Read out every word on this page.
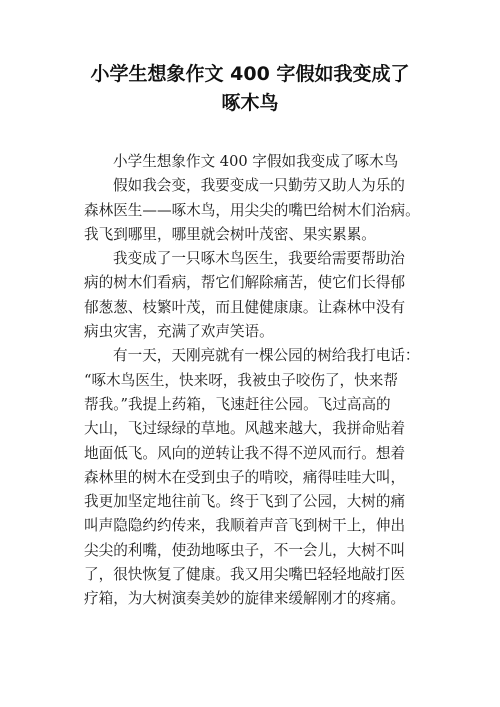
小学生想象作文 400 字假如我变成了
啄木鸟
小学生想象作文 400 字假如我变成了啄木鸟
假如我会变，我要变成一只勤劳又助人为乐的
森林医生——啄木鸟，用尖尖的嘴巴给树木们治病。
我飞到哪里，哪里就会树叶茂密、果实累累。
我变成了一只啄木鸟医生，我要给需要帮助治
病的树木们看病，帮它们解除痛苦，使它们长得郁
郁葱葱、枝繁叶茂，而且健健康康。让森林中没有
病虫灾害，充满了欢声笑语。
有一天，天刚亮就有一棵公园的树给我打电话：
“啄木鸟医生，快来呀，我被虫子咬伤了，快来帮
帮我。”我提上药箱，飞速赶往公园。飞过高高的
大山，飞过绿绿的草地。风越来越大，我拼命贴着
地面低飞。风向的逆转让我不得不逆风而行。想着
森林里的树木在受到虫子的啃咬，痛得哇哇大叫，
我更加坚定地往前飞。终于飞到了公园，大树的痛
叫声隐隐约约传来，我顺着声音飞到树干上，伸出
尖尖的利嘴，使劲地啄虫子，不一会儿，大树不叫
了，很快恢复了健康。我又用尖嘴巴轻轻地敲打医
疗箱，为大树演奏美妙的旋律来缓解刚才的疼痛。
